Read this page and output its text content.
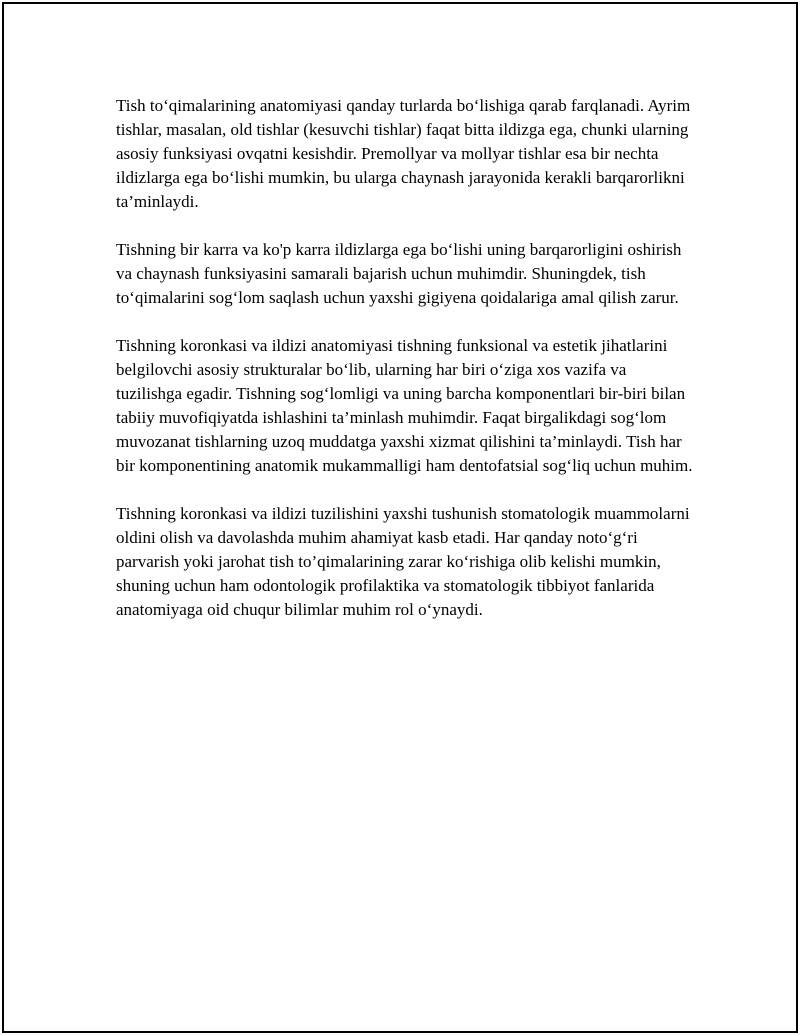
Tish to‘qimalarining anatomiyasi qanday turlarda bo‘lishiga qarab farqlanadi. Ayrim tishlar, masalan, old tishlar (kesuvchi tishlar) faqat bitta ildizga ega, chunki ularning asosiy funksiyasi ovqatni kesishdir. Premollyar va mollyar tishlar esa bir nechta ildizlarga ega bo‘lishi mumkin, bu ularga chaynash jarayonida kerakli barqarorlikni ta’minlaydi.

Tishning bir karra va ko'p karra ildizlarga ega bo‘lishi uning barqarorligini oshirish va chaynash funksiyasini samarali bajarish uchun muhimdir. Shuningdek, tish to‘qimalarini sog‘lom saqlash uchun yaxshi gigiyena qoidalariga amal qilish zarur.

Tishning koronkasi va ildizi anatomiyasi tishning funksional va estetik jihatlarini belgilovchi asosiy strukturalar bo‘lib, ularning har biri o‘ziga xos vazifa va tuzilishga egadir. Tishning sog‘lomligi va uning barcha komponentlari bir-biri bilan tabiiy muvofiqiyatda ishlashini ta’minlash muhimdir. Faqat birgalikdagi sog‘lom muvozanat tishlarning uzoq muddatga yaxshi xizmat qilishini ta’minlaydi. Tish har bir komponentining anatomik mukammalligi ham dentofatsial sog‘liq uchun muhim.

Tishning koronkasi va ildizi tuzilishini yaxshi tushunish stomatologik muammolarni oldini olish va davolashda muhim ahamiyat kasb etadi. Har qanday noto‘g‘ri parvarish yoki jarohat tish to’qimalarining zarar ko‘rishiga olib kelishi mumkin, shuning uchun ham odontologik profilaktika va stomatologik tibbiyot fanlarida anatomiyaga oid chuqur bilimlar muhim rol o‘ynaydi.
